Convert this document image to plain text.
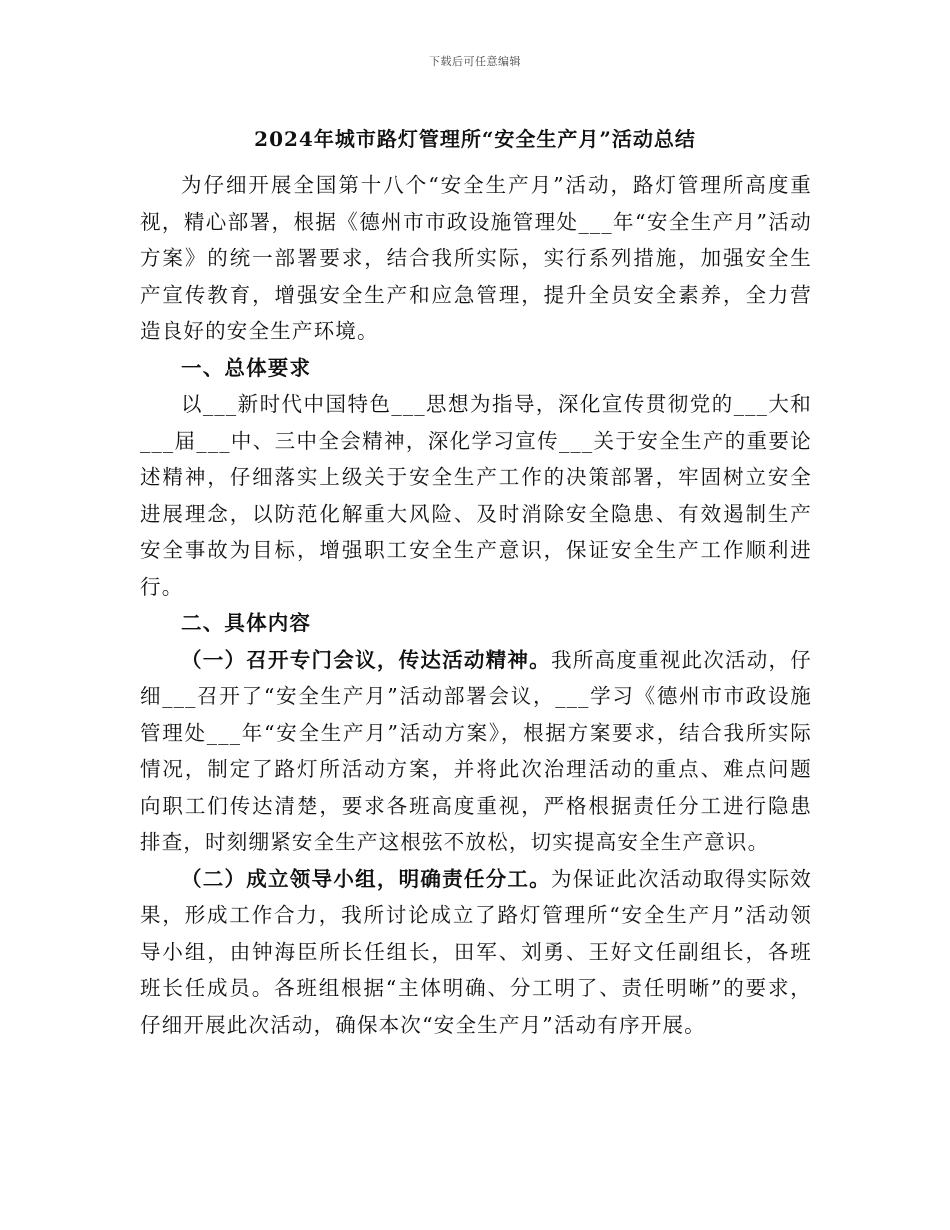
下载后可任意编辑
2024年城市路灯管理所“安全生产月”活动总结

为仔细开展全国第十八个“安全生产月”活动，路灯管理所高度重视，精心部署，根据《德州市市政设施管理处___年“安全生产月”活动方案》的统一部署要求，结合我所实际，实行系列措施，加强安全生产宣传教育，增强安全生产和应急管理，提升全员安全素养，全力营造良好的安全生产环境。

一、总体要求

以___新时代中国特色___思想为指导，深化宣传贯彻党的___大和___届___中、三中全会精神，深化学习宣传___关于安全生产的重要论述精神，仔细落实上级关于安全生产工作的决策部署，牢固树立安全进展理念，以防范化解重大风险、及时消除安全隐患、有效遏制生产安全事故为目标，增强职工安全生产意识，保证安全生产工作顺利进行。

二、具体内容

（一）召开专门会议，传达活动精神。我所高度重视此次活动，仔细___召开了“安全生产月”活动部署会议，___学习《德州市市政设施管理处___年“安全生产月”活动方案》，根据方案要求，结合我所实际情况，制定了路灯所活动方案，并将此次治理活动的重点、难点问题向职工们传达清楚，要求各班高度重视，严格根据责任分工进行隐患排查，时刻绷紧安全生产这根弦不放松，切实提高安全生产意识。

（二）成立领导小组，明确责任分工。为保证此次活动取得实际效果，形成工作合力，我所讨论成立了路灯管理所“安全生产月”活动领导小组，由钟海臣所长任组长，田军、刘勇、王好文任副组长，各班班长任成员。各班组根据“主体明确、分工明了、责任明晰”的要求，仔细开展此次活动，确保本次“安全生产月”活动有序开展。
